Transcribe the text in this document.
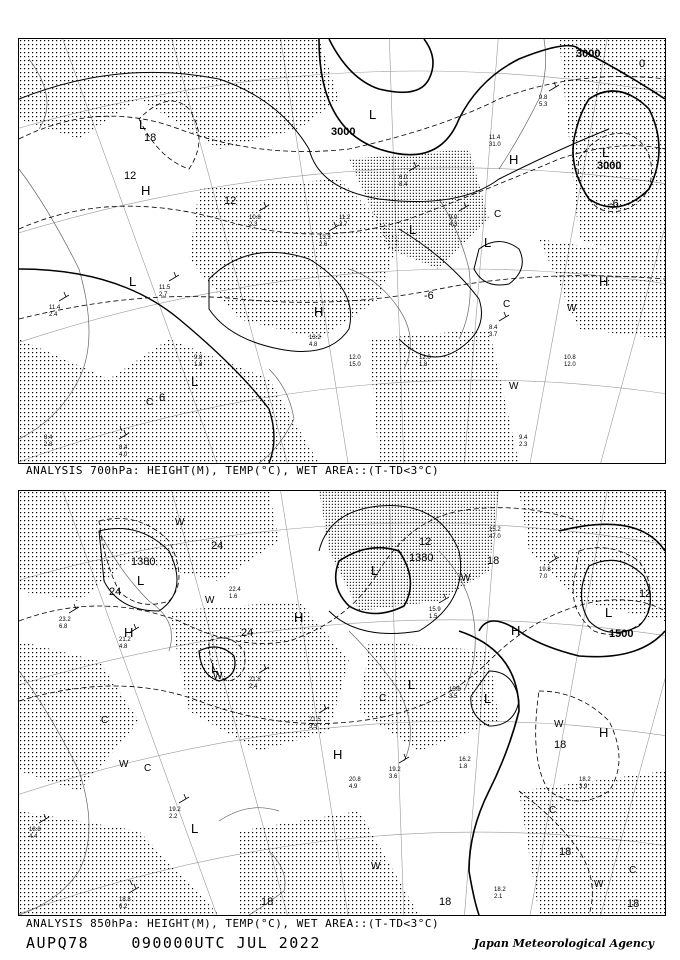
11.4
2.4
11.5
2.7
10.8
2.3
13.3
2.6
11.2
3.7
6.0
8.4
9.0
4.3
12.0
1.8
8.4
3.7
9.8
5.3
11.4
31.0
10.8
12.0
9.8
1.8
13.2
4.8
12.0
15.0
9.4
2.3
8.4
2.8	8.4
4.0
3000
3000
3000
18
12
12
0
-6
6
-6
L
L
L
L
H
H
H
H
L
L
L
W
W
C
C
C
ANALYSIS 700hPa: HEIGHT(M), TEMP(°C), WET AREA::(T-TD<3°C)
23.2
6.8
21.2
4.8
22.4
1.6
21.8
2.4
21.5
3.5
20.8
4.9
19.2
3.6
15.9
1.5
15.8
3.5
15.2
47.0
19.8
7.0
18.2
3.9
18.2
2.1
19.2
2.2
18.8
4.4
18.8
6.2
16.2
1.8
1380	1380
1500
24
24
24
18
18
18
18
12
12
18	18
L
L
L
L
L
L
H
H
H
H
H
L
W
W
W
W
W
W
C
C
C
C
C
W
W
ANALYSIS 850hPa: HEIGHT(M), TEMP(°C), WET AREA::(T-TD<3°C)
AUPQ78	090000UTC JUL 2022	Japan Meteorological Agency
